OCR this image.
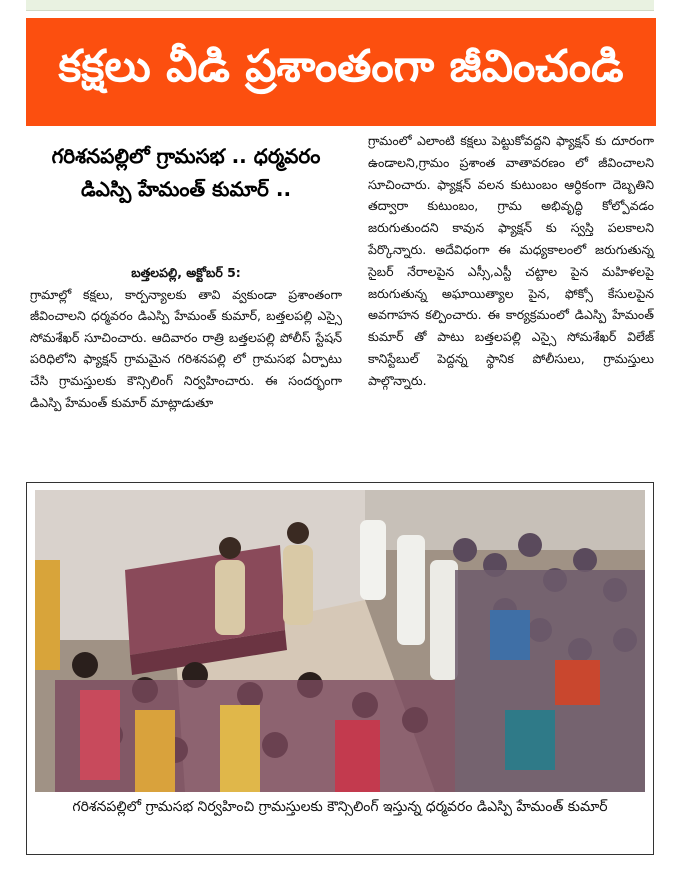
కక్షలు వీడి ప్రశాంతంగా జీవించండి
గరిశనపల్లిలో గ్రామసభ .. ధర్మవరం డిఎస్పి హేమంత్ కుమార్ ..
బత్తలపల్లి, అక్టోబర్ 5:
గ్రామాల్లో కక్షలు, కార్పన్యాలకు తావి వ్వకుండా ప్రశాంతంగా జీవించాలని ధర్మవరం డిఎస్పి హేమంత్ కుమార్, బత్తలపల్లి ఎస్సై సోమశేఖర్ సూచించారు. ఆదివారం రాత్రి బత్తలపల్లి పోలీస్ స్టేషన్ పరిధిలోని ఫ్యాక్షన్ గ్రామమైన గరిశనపల్లి లో గ్రామసభ ఏర్పాటు చేసి గ్రామస్తులకు కౌన్సిలింగ్ నిర్వహించారు. ఈ సందర్భంగా డిఎస్పి హేమంత్ కుమార్ మాట్లాడుతూ
గ్రామంలో ఎలాంటి కక్షలు పెట్టుకోవద్దని ఫ్యాక్షన్ కు దూరంగా ఉండాలని,గ్రామం ప్రశాంత వాతావరణం లో జీవించాలని సూచించారు. ఫ్యాక్షన్ వలన కుటుంబం ఆర్ధికంగా దెబ్బతిని తద్వారా కుటుంబం, గ్రామ అభివృద్ధి కోల్పోవడం జరుగుతుందని కావున ఫ్యాక్షన్ కు స్వస్తి పలకాలని పేర్కొన్నారు. అదేవిధంగా ఈ మధ్యకాలంలో జరుగుతున్న సైబర్ నేరాలపైన ఎస్సీ,ఎస్టీ చట్టాల పైన మహిళలపై జరుగుతున్న అఘాయిత్యాల పైన, ఫోక్సో కేసులపైన అవగాహన కల్పించారు. ఈ కార్యక్రమంలో డిఎస్పి హేమంత్ కుమార్ తో పాటు బత్తలపల్లి ఎస్సై సోమశేఖర్ విలేజ్ కానిస్టేబుల్ పెద్దన్న స్థానిక పోలీసులు, గ్రామస్తులు పాల్గొన్నారు.
గరిశనపల్లిలో గ్రామసభ నిర్వహించి గ్రామస్తులకు కౌన్సిలింగ్ ఇస్తున్న ధర్మవరం డిఎస్పి హేమంత్ కుమార్
